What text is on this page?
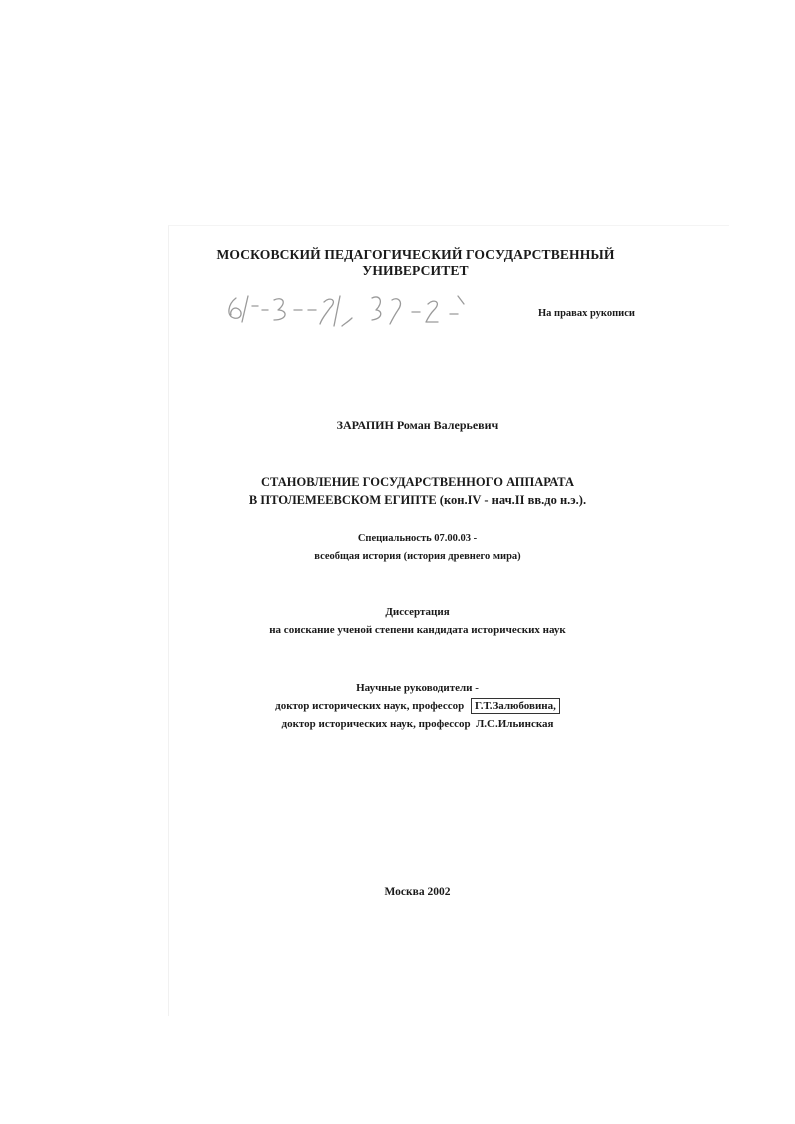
МОСКОВСКИЙ ПЕДАГОГИЧЕСКИЙ ГОСУДАРСТВЕННЫЙ
УНИВЕРСИТЕТ
На правах рукописи
ЗАРАПИН Роман Валерьевич
СТАНОВЛЕНИЕ ГОСУДАРСТВЕННОГО АППАРАТА
В ПТОЛЕМЕЕВСКОМ ЕГИПТЕ (кон.IV - нач.II вв.до н.э.).
Специальность 07.00.03 -
всеобщая история (история древнего мира)
Диссертация
на соискание ученой степени кандидата исторических наук
Научные руководители -
доктор исторических наук, профессор Г.Т.Залюбовина,
доктор исторических наук, профессор  Л.С.Ильинская
Москва 2002
